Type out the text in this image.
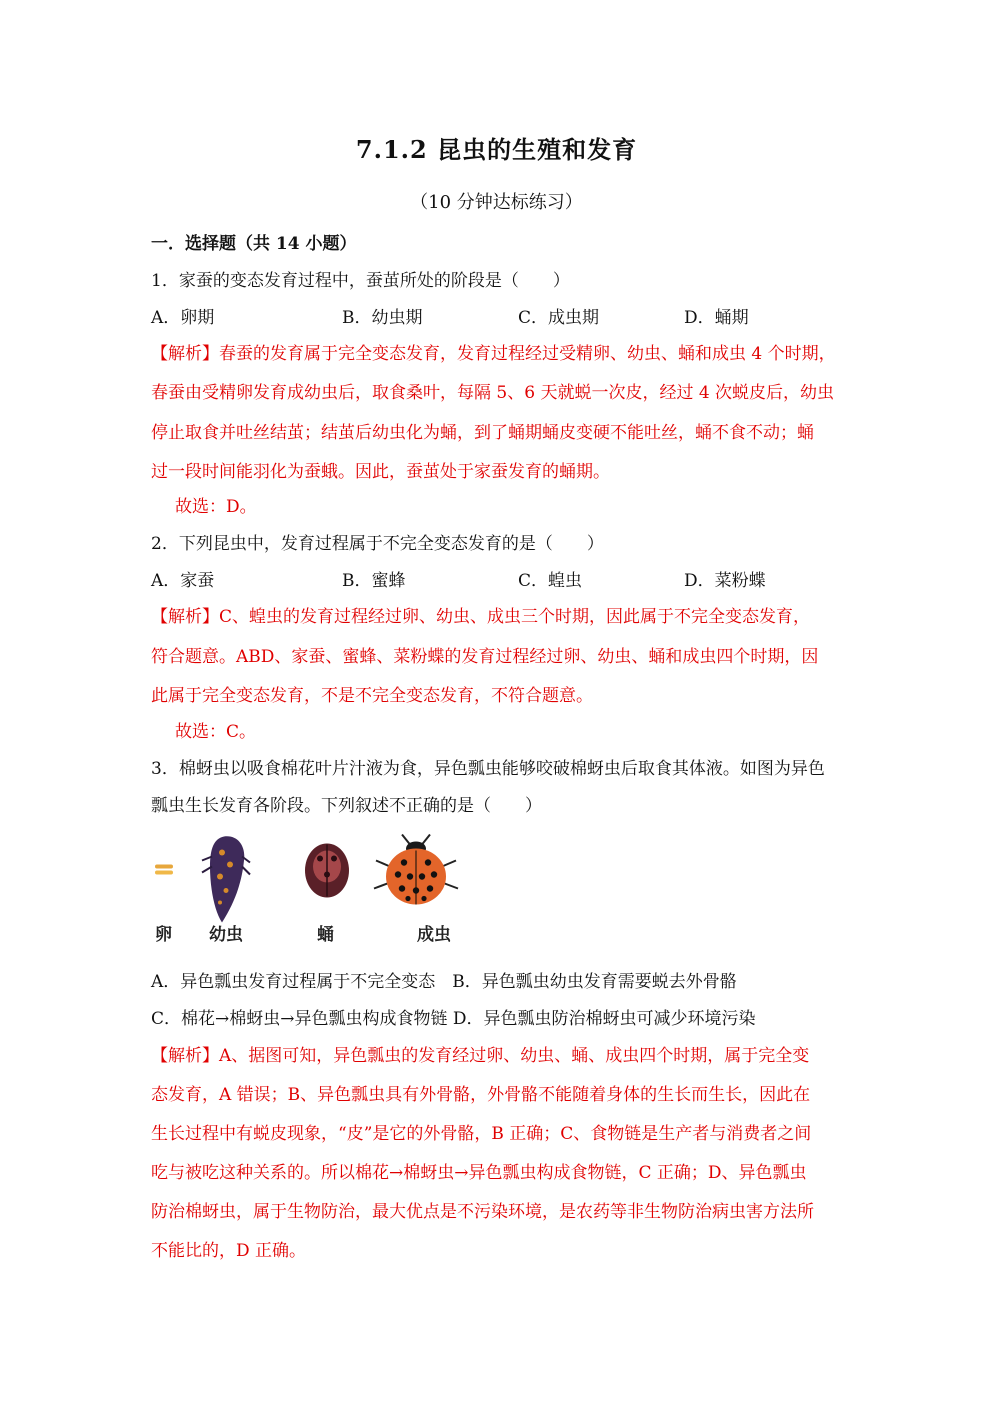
7.1.2 昆虫的生殖和发育
（10 分钟达标练习）
一．选择题（共 14 小题）
1．家蚕的变态发育过程中，蚕茧所处的阶段是（　　）
A．卵期	B．幼虫期	C．成虫期	D．蛹期
【解析】春蚕的发育属于完全变态发育，发育过程经过受精卵、幼虫、蛹和成虫 4 个时期，
春蚕由受精卵发育成幼虫后，取食桑叶，每隔 5、6 天就蜕一次皮，经过 4 次蜕皮后，幼虫
停止取食并吐丝结茧；结茧后幼虫化为蛹，到了蛹期蛹皮变硬不能吐丝，蛹不食不动；蛹
过一段时间能羽化为蚕蛾。因此，蚕茧处于家蚕发育的蛹期。
故选：D。
2．下列昆虫中，发育过程属于不完全变态发育的是（　　）
A．家蚕	B．蜜蜂	C．蝗虫	D．菜粉蝶
【解析】C、蝗虫的发育过程经过卵、幼虫、成虫三个时期，因此属于不完全变态发育，
符合题意。ABD、家蚕、蜜蜂、菜粉蝶的发育过程经过卵、幼虫、蛹和成虫四个时期，因
此属于完全变态发育，不是不完全变态发育，不符合题意。
故选：C。
3．棉蚜虫以吸食棉花叶片汁液为食，异色瓢虫能够咬破棉蚜虫后取食其体液。如图为异色
瓢虫生长发育各阶段。下列叙述不正确的是（　　）
卵 幼虫	蛹	成虫
A．异色瓢虫发育过程属于不完全变态　B．异色瓢虫幼虫发育需要蜕去外骨骼
C．棉花→棉蚜虫→异色瓢虫构成食物链 D．异色瓢虫防治棉蚜虫可减少环境污染
【解析】A、据图可知，异色瓢虫的发育经过卵、幼虫、蛹、成虫四个时期，属于完全变
态发育，A 错误；B、异色瓢虫具有外骨骼，外骨骼不能随着身体的生长而生长，因此在
生长过程中有蜕皮现象，“皮”是它的外骨骼，B 正确；C、食物链是生产者与消费者之间
吃与被吃这种关系的。所以棉花→棉蚜虫→异色瓢虫构成食物链，C 正确；D、异色瓢虫
防治棉蚜虫，属于生物防治，最大优点是不污染环境，是农药等非生物防治病虫害方法所
不能比的，D 正确。
